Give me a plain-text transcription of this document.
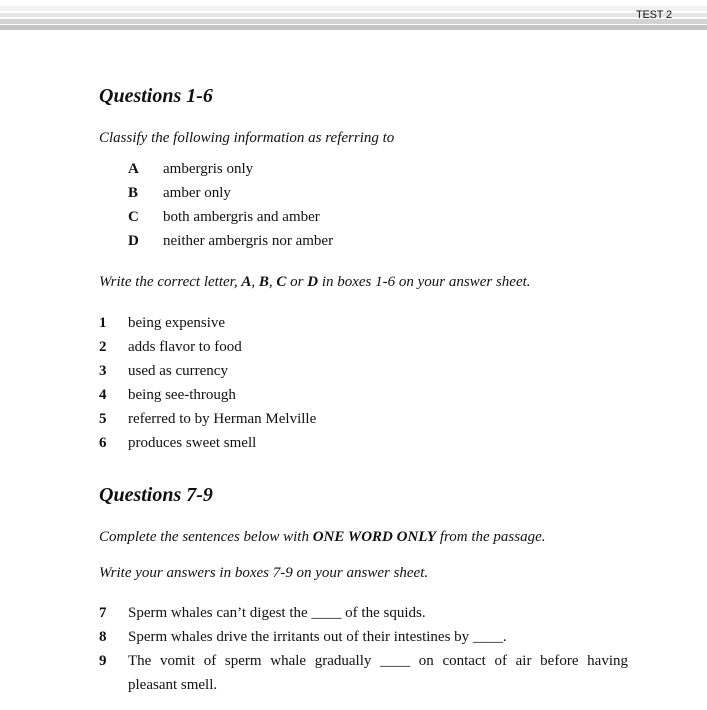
TEST 2
Questions 1-6

Classify the following information as referring to

A ambergris only
B amber only
C both ambergris and amber
D neither ambergris nor amber

Write the correct letter, A, B, C or D in boxes 1-6 on your answer sheet.

1 being expensive
2 adds flavor to food
3 used as currency
4 being see-through
5 referred to by Herman Melville
6 produces sweet smell
Questions 7-9

Complete the sentences below with ONE WORD ONLY from the passage.

Write your answers in boxes 7-9 on your answer sheet.

7 Sperm whales can’t digest the ____ of the squids.
8 Sperm whales drive the irritants out of their intestines by ____.
9 The vomit of sperm whale gradually ____ on contact of air before having
pleasant smell.
